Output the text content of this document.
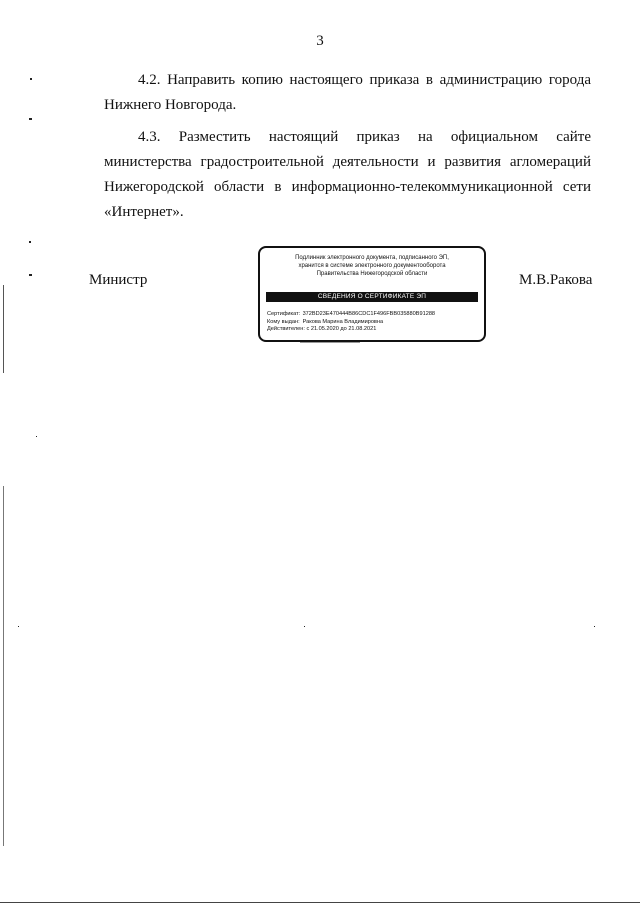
3

4.2. Направить копию настоящего приказа в администрацию города Нижнего Новгорода.

4.3. Разместить настоящий приказ на официальном сайте министерства градостроительной деятельности и развития агломераций Нижегородской области в информационно-телекоммуникационной сети «Интернет».

Министр	М.В.Ракова
Подлинник электронного документа, подписанного ЭП,
хранится в системе электронного документооборота
Правительства Нижегородской области
СВЕДЕНИЯ О СЕРТИФИКАТЕ ЭП
Сертификат: 372BD23E470444B86CDC1F496FBB035880B91288
Кому выдан: Ракова Марина Владимировна
Действителен: с 21.05.2020 до 21.08.2021
